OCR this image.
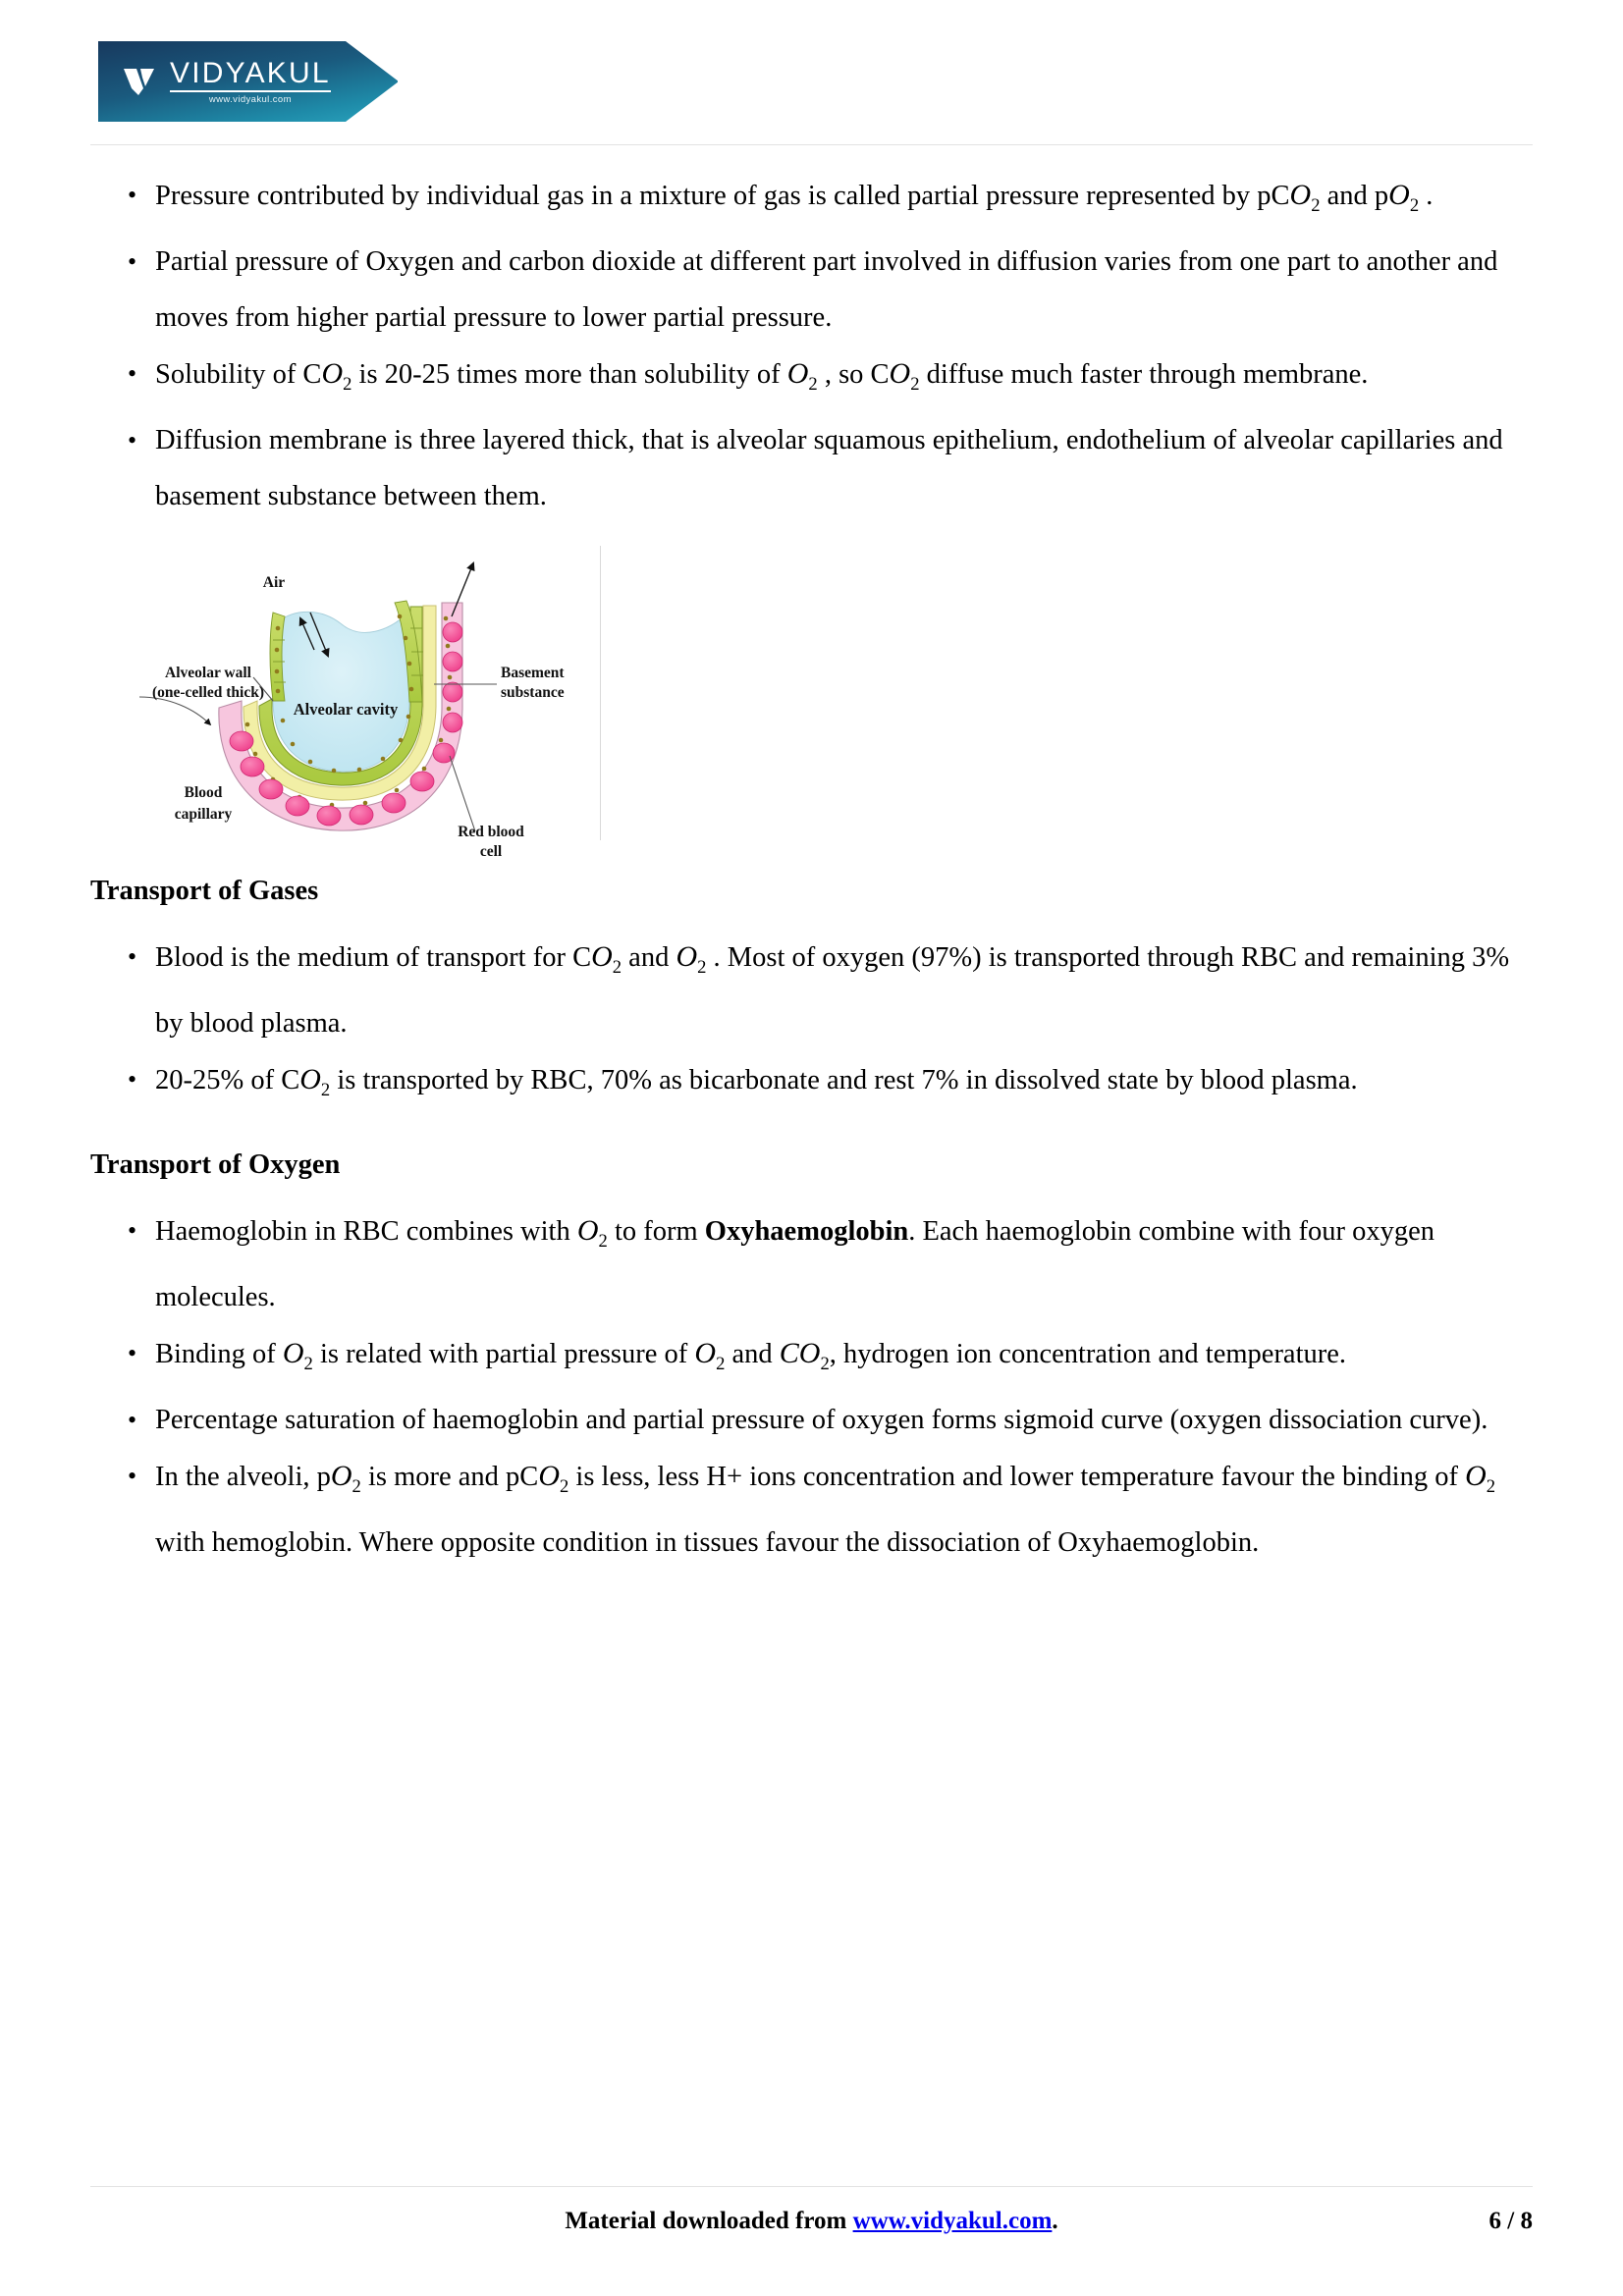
VIDYAKUL
www.vidyakul.com
• Pressure contributed by individual gas in a mixture of gas is called partial pressure represented by pCO$_2$ and $pO_2$ .
• Partial pressure of Oxygen and carbon dioxide at different part involved in diffusion varies from one part to another and moves from higher partial pressure to lower partial pressure.
• Solubility of $CO_2$ is 20-25 times more than solubility of $O_2$ , so $CO_2$ diffuse much faster through membrane.
• Diffusion membrane is three layered thick, that is alveolar squamous epithelium, endothelium of alveolar capillaries and basement substance between them.
Air
Alveolar wall
(one-celled thick)
Alveolar cavity
Basement
substance
Blood
capillary
Red blood
cell
Transport of Gases
• Blood is the medium of transport for $CO_2$ and $O_2$ . Most of oxygen (97%) is transported through RBC and remaining 3% by blood plasma.
• 20-25% of $CO_2$ is transported by RBC, 70% as bicarbonate and rest 7% in dissolved state by blood plasma.
Transport of Oxygen
• Haemoglobin in RBC combines with $O_2$ to form Oxyhaemoglobin. Each haemoglobin combine with four oxygen molecules.
• Binding of $O_2$ is related with partial pressure of $O_2$ and $CO_2$, hydrogen ion concentration and temperature.
• Percentage saturation of haemoglobin and partial pressure of oxygen forms sigmoid curve (oxygen dissociation curve).
• In the alveoli, $pO_2$ is more and pCO$_2$ is less, less H+ ions concentration and lower temperature favour the binding of $O_2$ with hemoglobin. Where opposite condition in tissues favour the dissociation of Oxyhaemoglobin.
Material downloaded from www.vidyakul.com.	6 / 8
